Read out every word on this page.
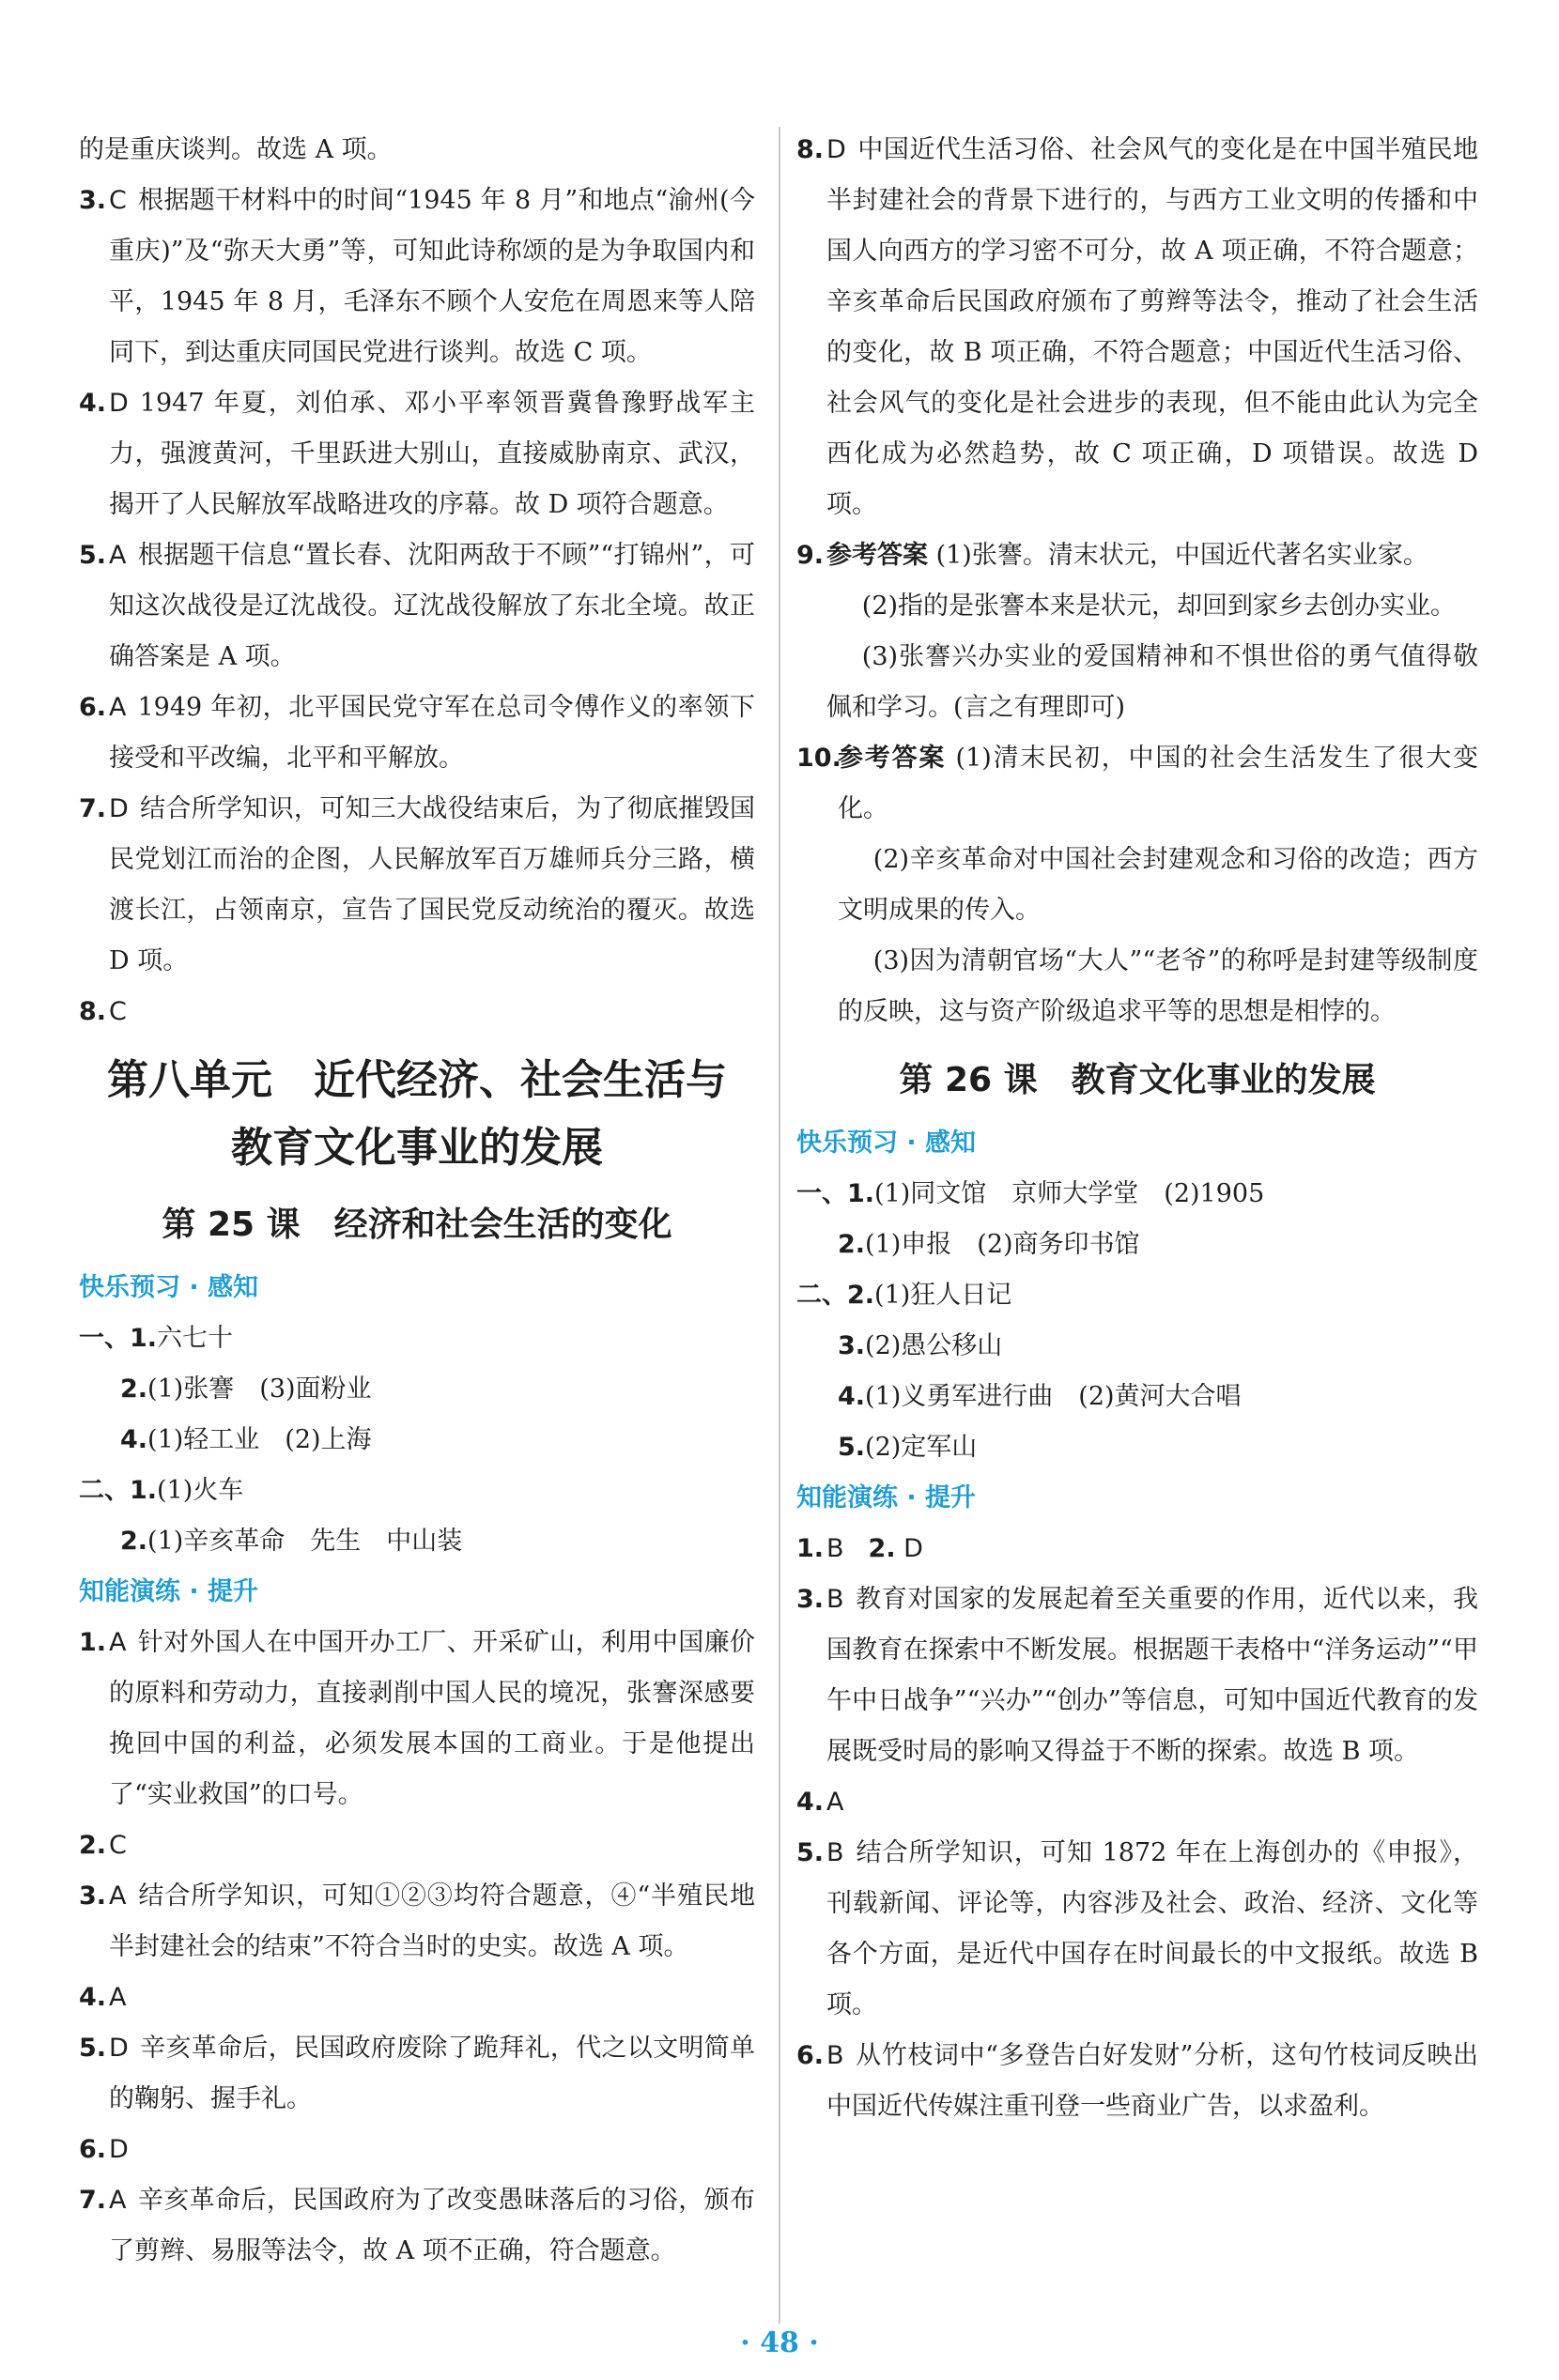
的是重庆谈判。故选 A 项。

3. C 根据题干材料中的时间“1945 年 8 月”和地点“渝州(今重庆)”及“弥天大勇”等，可知此诗称颂的是为争取国内和平，1945 年 8 月，毛泽东不顾个人安危在周恩来等人陪同下，到达重庆同国民党进行谈判。故选 C 项。
4. D 1947 年夏，刘伯承、邓小平率领晋冀鲁豫野战军主力，强渡黄河，千里跃进大别山，直接威胁南京、武汉，揭开了人民解放军战略进攻的序幕。故 D 项符合题意。
5. A 根据题干信息“置长春、沈阳两敌于不顾”“打锦州”，可知这次战役是辽沈战役。辽沈战役解放了东北全境。故正确答案是 A 项。
6. A 1949 年初，北平国民党守军在总司令傅作义的率领下接受和平改编，北平和平解放。
7. D 结合所学知识，可知三大战役结束后，为了彻底摧毁国民党划江而治的企图，人民解放军百万雄师兵分三路，横渡长江，占领南京，宣告了国民党反动统治的覆灭。故选 D 项。
8. C
第八单元　近代经济、社会生活与
教育文化事业的发展
第 25 课　经济和社会生活的变化

快乐预习 · 感知

一、1.六七十

2.(1)张謇　(3)面粉业

4.(1)轻工业　(2)上海

二、1.(1)火车

2.(1)辛亥革命　先生　中山装

知能演练 · 提升

1. A 针对外国人在中国开办工厂、开采矿山，利用中国廉价的原料和劳动力，直接剥削中国人民的境况，张謇深感要挽回中国的利益，必须发展本国的工商业。于是他提出了“实业救国”的口号。
2. C
3. A 结合所学知识，可知①②③均符合题意，④“半殖民地半封建社会的结束”不符合当时的史实。故选 A 项。
4. A
5. D 辛亥革命后，民国政府废除了跪拜礼，代之以文明简单的鞠躬、握手礼。
6. D
7. A 辛亥革命后，民国政府为了改变愚昧落后的习俗，颁布了剪辫、易服等法令，故 A 项不正确，符合题意。
8. D 中国近代生活习俗、社会风气的变化是在中国半殖民地半封建社会的背景下进行的，与西方工业文明的传播和中国人向西方的学习密不可分，故 A 项正确，不符合题意；辛亥革命后民国政府颁布了剪辫等法令，推动了社会生活的变化，故 B 项正确，不符合题意；中国近代生活习俗、社会风气的变化是社会进步的表现，但不能由此认为完全西化成为必然趋势，故 C 项正确，D 项错误。故选 D 项。
9. 参考答案 (1)张謇。清末状元，中国近代著名实业家。

(2)指的是张謇本来是状元，却回到家乡去创办实业。

(3)张謇兴办实业的爱国精神和不惧世俗的勇气值得敬佩和学习。(言之有理即可)

10.
参考答案 (1)清末民初，中国的社会生活发生了很大变化。

(2)辛亥革命对中国社会封建观念和习俗的改造；西方文明成果的传入。

(3)因为清朝官场“大人”“老爷”的称呼是封建等级制度的反映，这与资产阶级追求平等的思想是相悖的。

第 26 课　教育文化事业的发展

快乐预习 · 感知

一、1.(1)同文馆　京师大学堂　(2)1905

2.(1)申报　(2)商务印书馆

二、2.(1)狂人日记

3.(2)愚公移山

4.(1)义勇军进行曲　(2)黄河大合唱

5.(2)定军山

知能演练 · 提升

1. B 2. D
3. B 教育对国家的发展起着至关重要的作用，近代以来，我国教育在探索中不断发展。根据题干表格中“洋务运动”“甲午中日战争”“兴办”“创办”等信息，可知中国近代教育的发展既受时局的影响又得益于不断的探索。故选 B 项。
4. A
5. B 结合所学知识，可知 1872 年在上海创办的《申报》，刊载新闻、评论等，内容涉及社会、政治、经济、文化等各个方面，是近代中国存在时间最长的中文报纸。故选 B 项。
6. B 从竹枝词中“多登告白好发财”分析，这句竹枝词反映出中国近代传媒注重刊登一些商业广告，以求盈利。
· 48 ·
